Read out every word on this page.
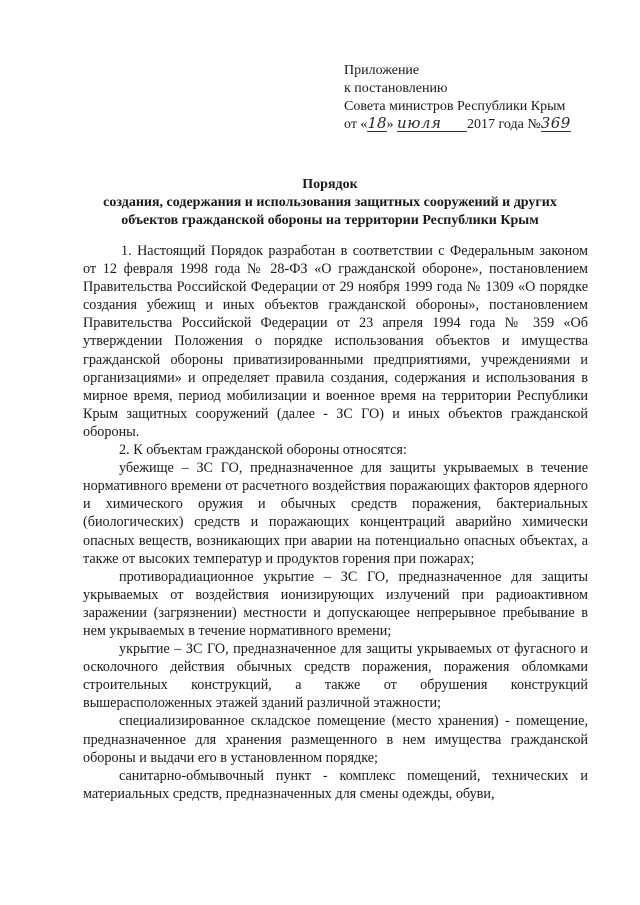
Приложение
к постановлению
Совета министров Республики Крым
от «18» июля 2017 года №369
Порядок
создания, содержания и использования защитных сооружений и других
объектов гражданской обороны на территории Республики Крым

1. Настоящий Порядок разработан в соответствии с Федеральным законом от 12 февраля 1998 года № 28-ФЗ «О гражданской обороне», постановлением Правительства Российской Федерации от 29 ноября 1999 года № 1309 «О порядке создания убежищ и иных объектов гражданской обороны», постановлением Правительства Российской Федерации от 23 апреля 1994 года № 359 «Об утверждении Положения о порядке использования объектов и имущества гражданской обороны приватизированными предприятиями, учреждениями и организациями» и определяет правила создания, содержания и использования в мирное время, период мобилизации и военное время на территории Республики Крым защитных сооружений (далее - ЗС ГО) и иных объектов гражданской обороны.

2. К объектам гражданской обороны относятся:

убежище – ЗС ГО, предназначенное для защиты укрываемых в течение нормативного времени от расчетного воздействия поражающих факторов ядерного и химического оружия и обычных средств поражения, бактериальных (биологических) средств и поражающих концентраций аварийно химически опасных веществ, возникающих при аварии на потенциально опасных объектах, а также от высоких температур и продуктов горения при пожарах;

противорадиационное укрытие – ЗС ГО, предназначенное для защиты укрываемых от воздействия ионизирующих излучений при радиоактивном заражении (загрязнении) местности и допускающее непрерывное пребывание в нем укрываемых в течение нормативного времени;

укрытие – ЗС ГО, предназначенное для защиты укрываемых от фугасного и осколочного действия обычных средств поражения, поражения обломками строительных конструкций, а также от обрушения конструкций вышерасположенных этажей зданий различной этажности;

специализированное складское помещение (место хранения) - помещение, предназначенное для хранения размещенного в нем имущества гражданской обороны и выдачи его в установленном порядке;

санитарно-обмывочный пункт - комплекс помещений, технических и материальных средств, предназначенных для смены одежды, обуви,
